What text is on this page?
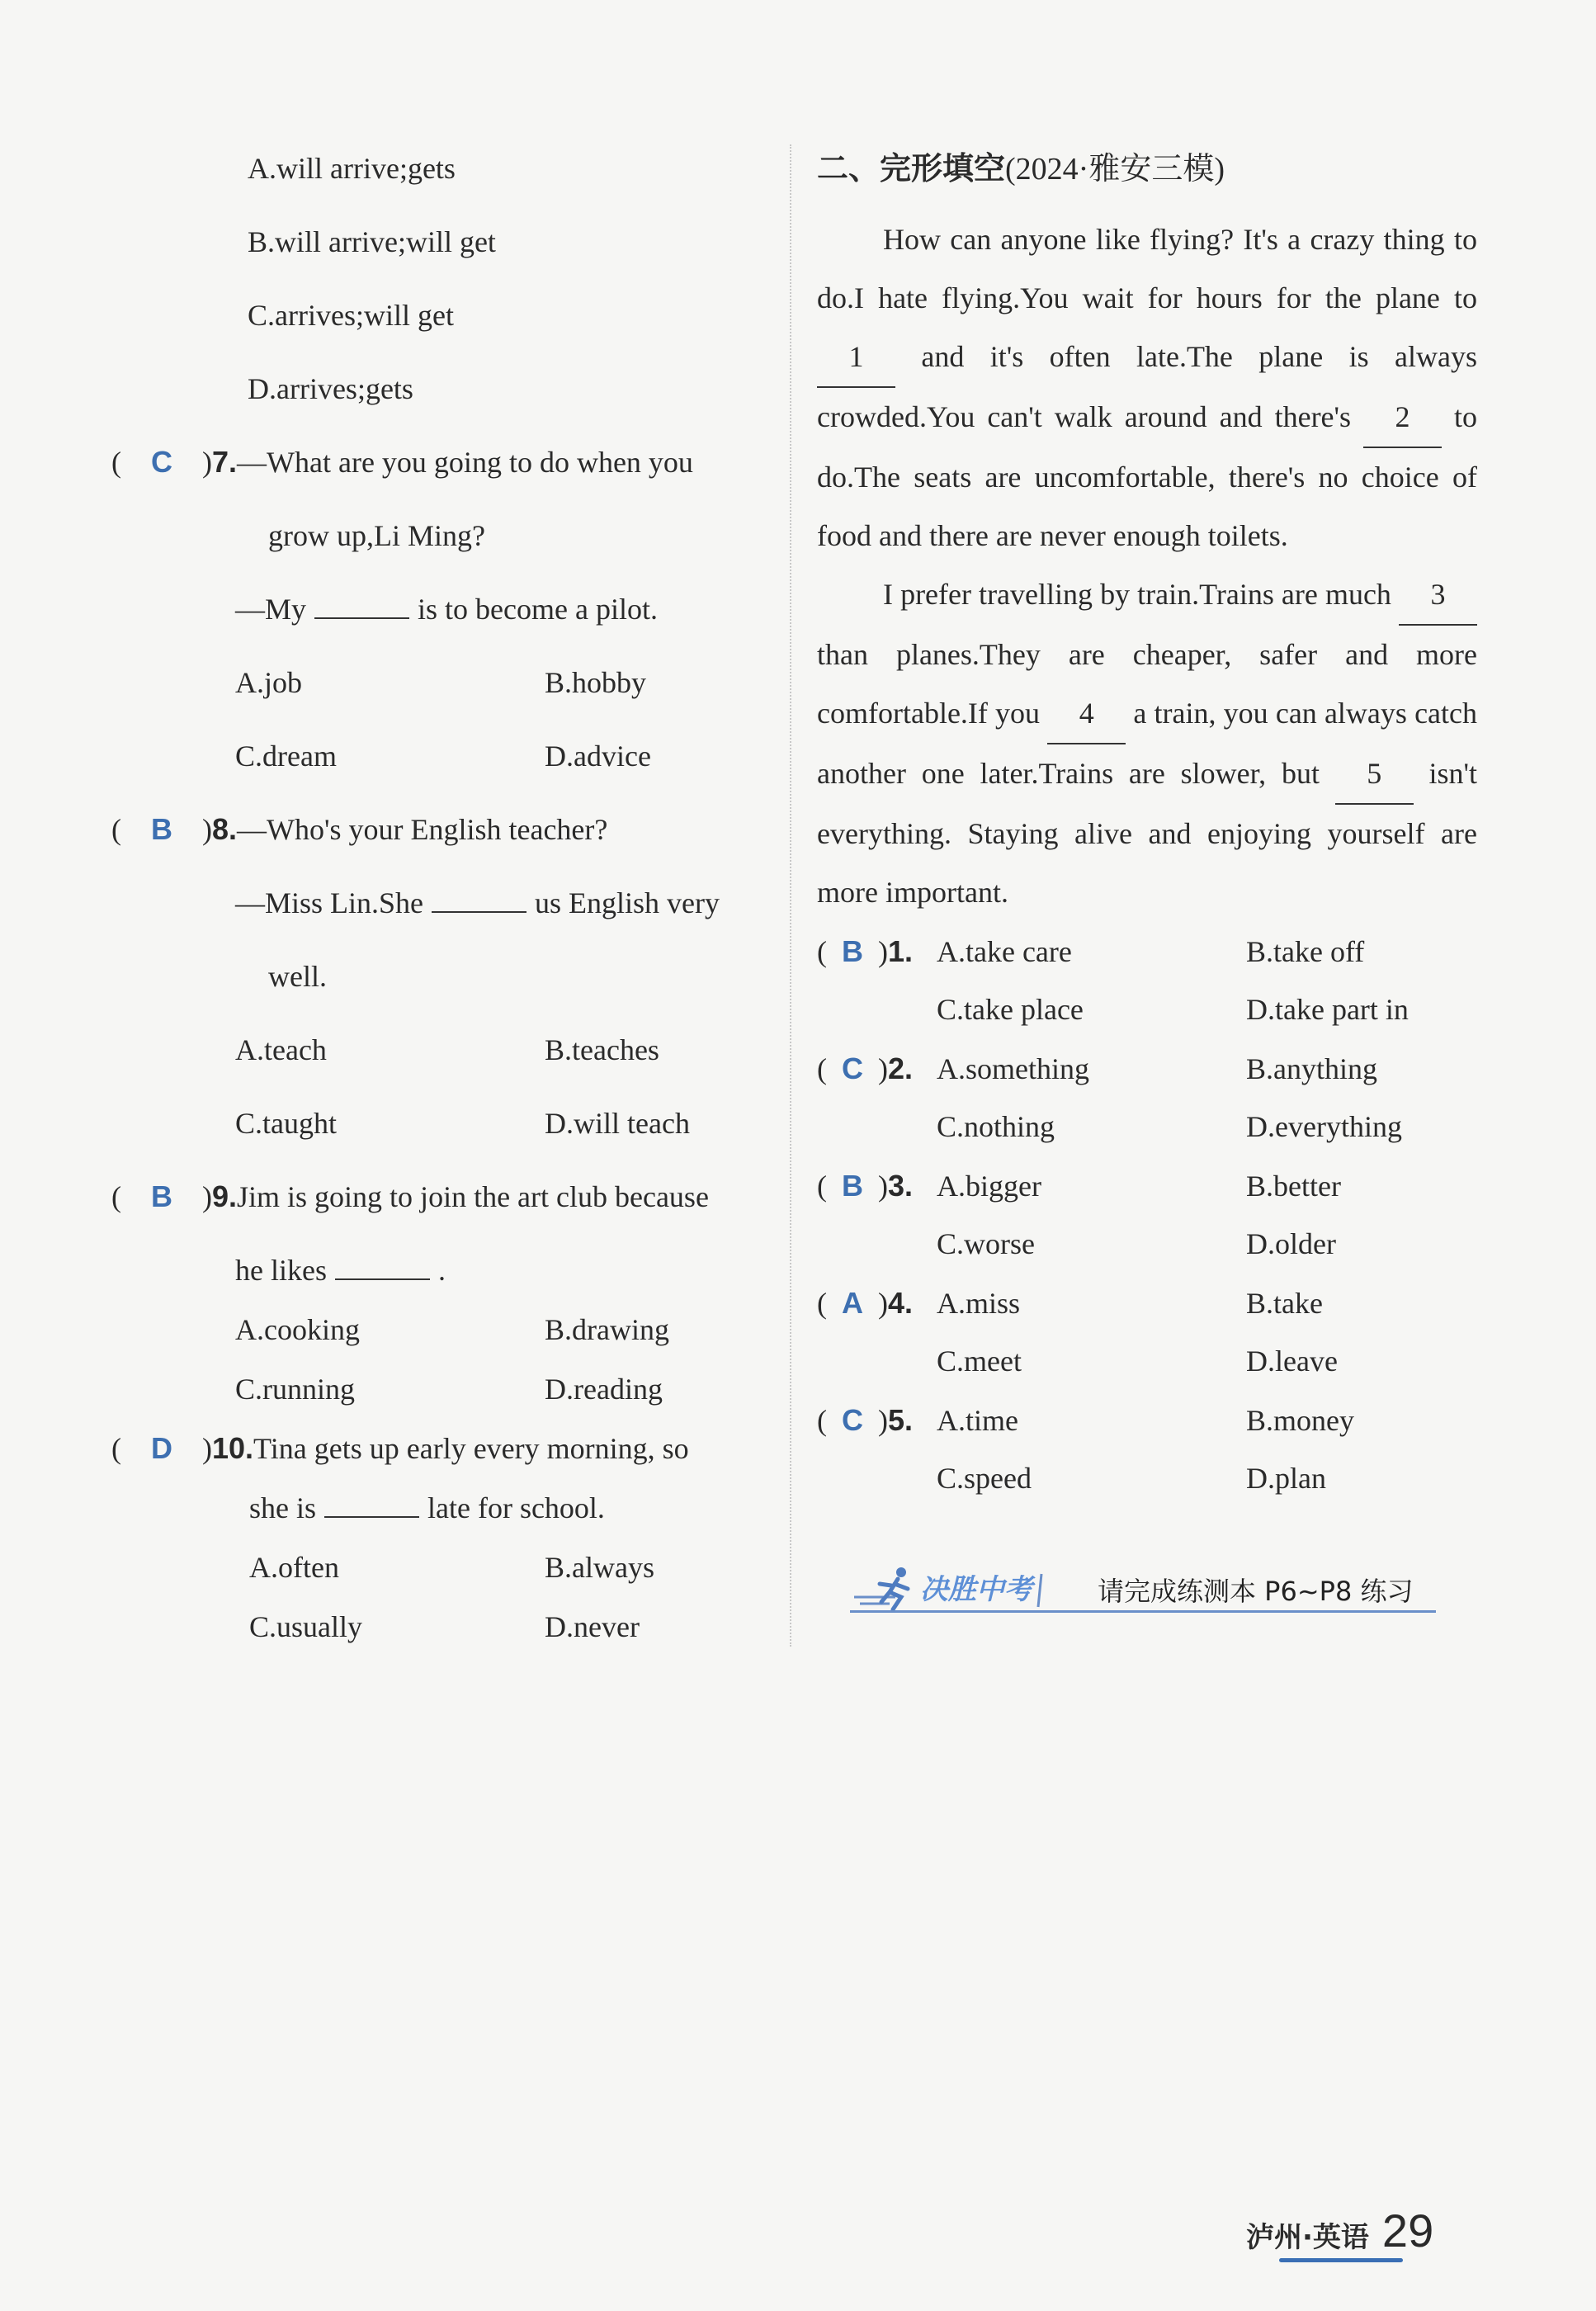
A.will arrive;gets
B.will arrive;will get
C.arrives;will get
D.arrives;gets
( C )7.—What are you going to do when you
grow up,Li Ming?
—My	is to become a pilot.
A.job	B.hobby
C.dream	D.advice
( B )8.—Who's your English teacher?
—Miss Lin.She	us English very
well.
A.teach	B.teaches
C.taught	D.will teach
( B )9.Jim is going to join the art club because
he likes	.
A.cooking	B.drawing
C.running	D.reading
( D )10.Tina gets up early every morning, so
she is	late for school.
A.often	B.always
C.usually	D.never
二、完形填空(2024·雅安三模)
How can anyone like flying? It's a crazy thing to do.I hate flying.You wait for hours for the plane to 1 and it's often late.The plane is always crowded.You can't walk around and there's 2 to do.The seats are uncomfortable, there's no choice of food and there are never enough toilets.
I prefer travelling by train.Trains are much 3 than planes.They are cheaper, safer and more comfortable.If you 4 a train, you can always catch another one later.Trains are slower, but 5 isn't everything. Staying alive and enjoying yourself are more important.
( B )1. A.take care	B.take off
C.take place	D.take part in
( C )2. A.something	B.anything
C.nothing	D.everything
( B )3. A.bigger	B.better
C.worse	D.older
( A )4. A.miss	B.take
C.meet	D.leave
( C )5. A.time	B.money
C.speed	D.plan
决胜中考 请完成练测本 P6~P8 练习
泸州·英语 29
